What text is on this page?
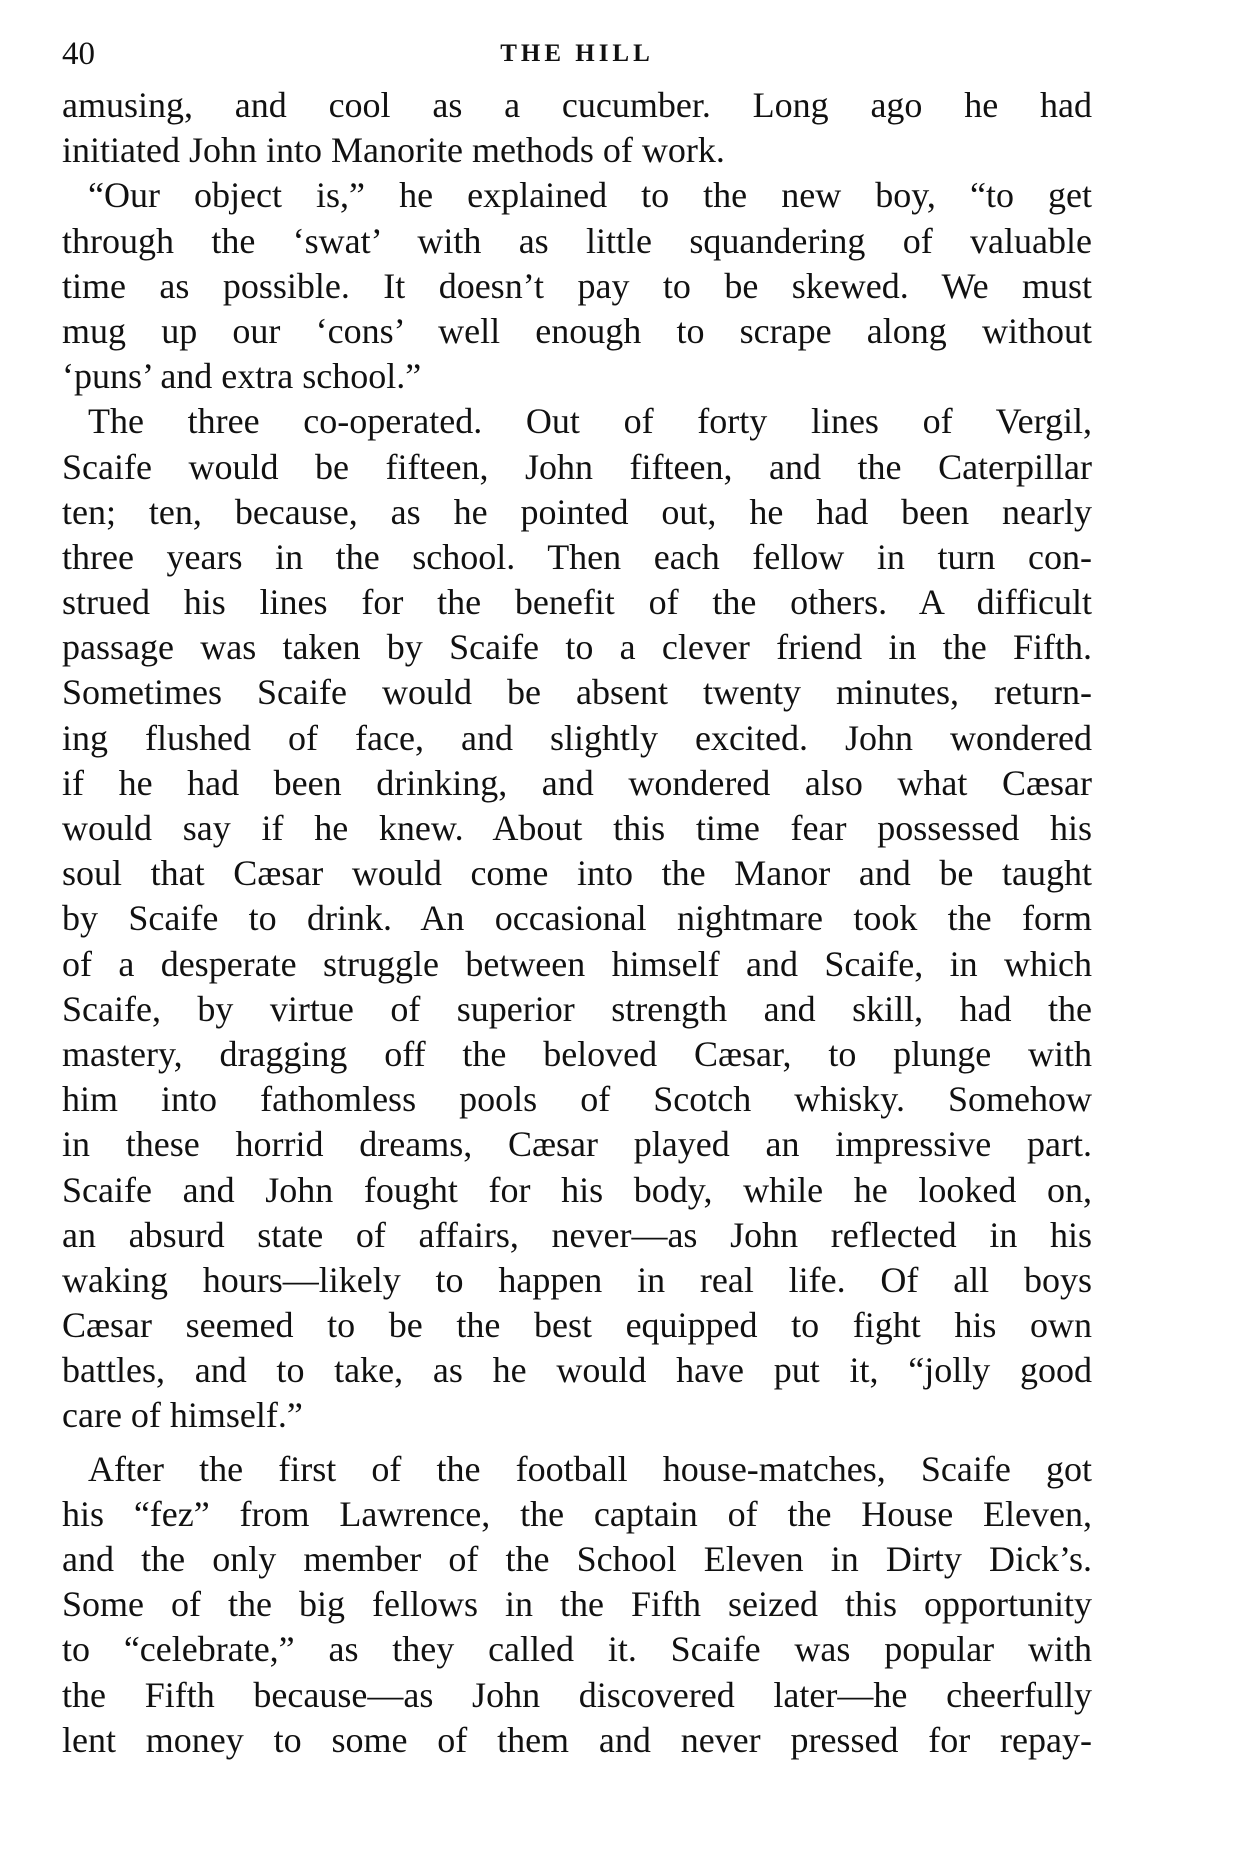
40	THE HILL
amusing, and cool as a cucumber. Long ago he had
initiated John into Manorite methods of work.
“Our object is,” he explained to the new boy, “to get
through the ‘swat’ with as little squandering of valuable
time as possible. It doesn’t pay to be skewed. We must
mug up our ‘cons’ well enough to scrape along without
‘puns’ and extra school.”
The three co-operated. Out of forty lines of Vergil,
Scaife would be fifteen, John fifteen, and the Caterpillar
ten; ten, because, as he pointed out, he had been nearly
three years in the school. Then each fellow in turn con-
strued his lines for the benefit of the others. A difficult
passage was taken by Scaife to a clever friend in the Fifth.
Sometimes Scaife would be absent twenty minutes, return-
ing flushed of face, and slightly excited. John wondered
if he had been drinking, and wondered also what Cæsar
would say if he knew. About this time fear possessed his
soul that Cæsar would come into the Manor and be taught
by Scaife to drink. An occasional nightmare took the form
of a desperate struggle between himself and Scaife, in which
Scaife, by virtue of superior strength and skill, had the
mastery, dragging off the beloved Cæsar, to plunge with
him into fathomless pools of Scotch whisky. Somehow
in these horrid dreams, Cæsar played an impressive part.
Scaife and John fought for his body, while he looked on,
an absurd state of affairs, never—as John reflected in his
waking hours—likely to happen in real life. Of all boys
Cæsar seemed to be the best equipped to fight his own
battles, and to take, as he would have put it, “jolly good
care of himself.”
After the first of the football house-matches, Scaife got
his “fez” from Lawrence, the captain of the House Eleven,
and the only member of the School Eleven in Dirty Dick’s.
Some of the big fellows in the Fifth seized this opportunity
to “celebrate,” as they called it. Scaife was popular with
the Fifth because—as John discovered later—he cheerfully
lent money to some of them and never pressed for repay-
